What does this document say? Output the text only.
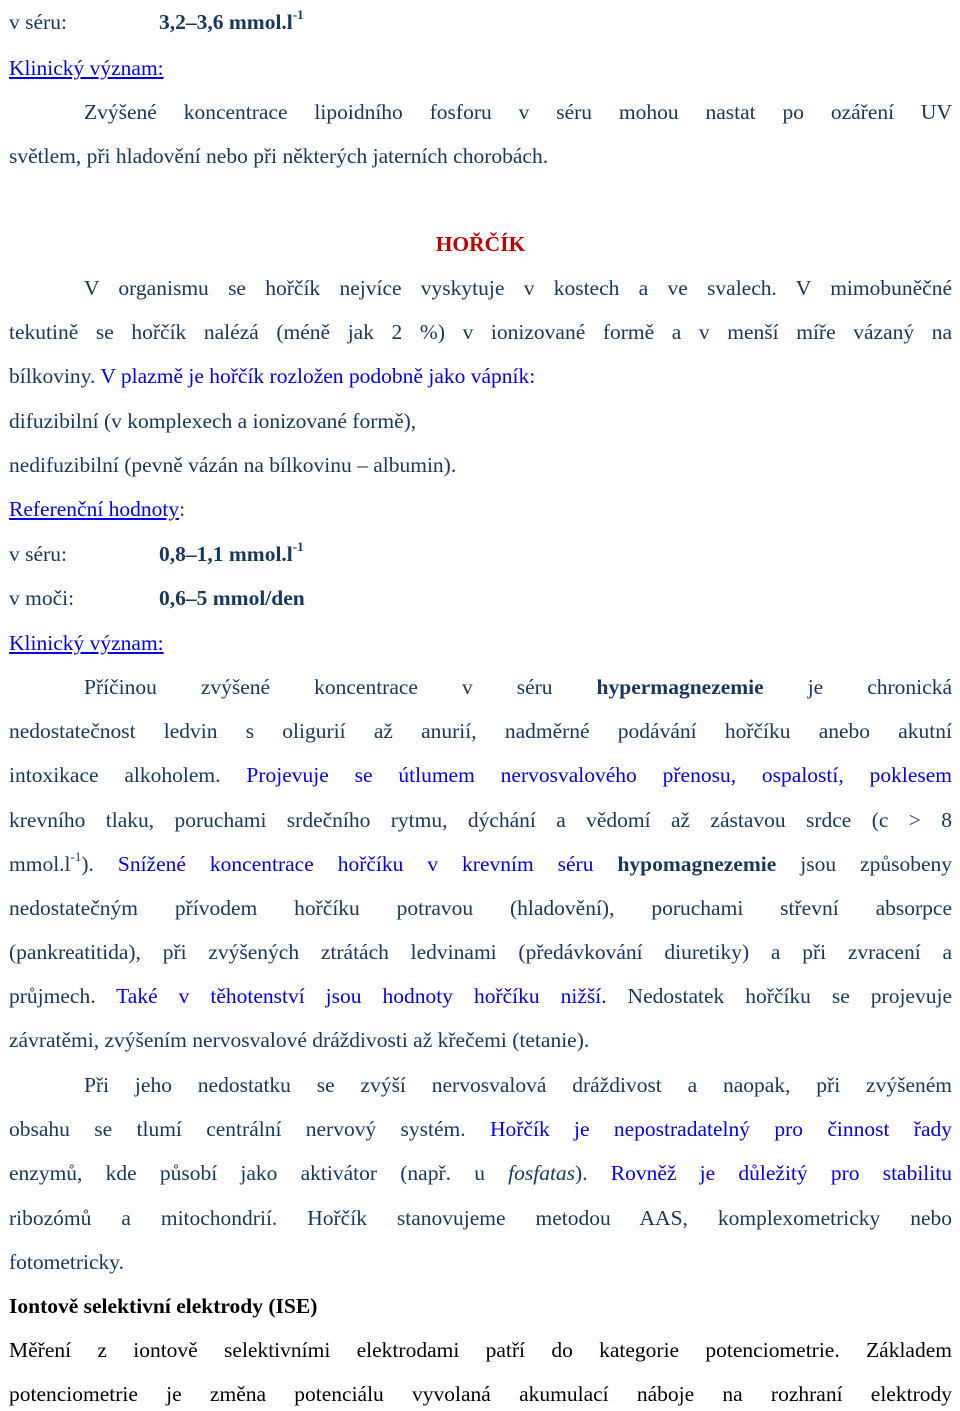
v séru:	3,2–3,6 $mmol.l^{-1}$
Klinický význam:
Zvýšené koncentrace lipoidního fosforu v séru mohou nastat po ozáření UV
světlem, při hladovění nebo při některých jaterních chorobách.
HOŘČÍK
V organismu se hořčík nejvíce vyskytuje v kostech a ve svalech. V mimobuněčné
tekutině se hořčík nalézá (méně jak 2 %) v ionizované formě a v menší míře vázaný na
bílkoviny. V plazmě je hořčík rozložen podobně jako vápník:
difuzibilní (v komplexech a ionizované formě),
nedifuzibilní (pevně vázán na bílkovinu – albumin).
Referenční hodnoty:
v séru:	0,8–1,1 $mmol.l^{-1}$
v moči:	0,6–5 mmol/den
Klinický význam:
Příčinou zvýšené koncentrace v séru hypermagnezemie je chronická
nedostatečnost ledvin s oligurií až anurií, nadměrné podávání hořčíku anebo akutní
intoxikace alkoholem. Projevuje se útlumem nervosvalového přenosu, ospalostí, poklesem
krevního tlaku, poruchami srdečního rytmu, dýchání a vědomí až zástavou srdce (c > 8
$mmol.l^{-1}$). Snížené koncentrace hořčíku v krevním séru hypomagnezemie jsou způsobeny
nedostatečným přívodem hořčíku potravou (hladovění), poruchami střevní absorpce
(pankreatitida), při zvýšených ztrátách ledvinami (předávkování diuretiky) a při zvracení a
průjmech. Také v těhotenství jsou hodnoty hořčíku nižší. Nedostatek hořčíku se projevuje
závratěmi, zvýšením nervosvalové dráždivosti až křečemi (tetanie).
Při jeho nedostatku se zvýší nervosvalová dráždivost a naopak, při zvýšeném
obsahu se tlumí centrální nervový systém. Hořčík je nepostradatelný pro činnost řady
enzymů, kde působí jako aktivátor (např. u fosfatas). Rovněž je důležitý pro stabilitu
ribozómů a mitochondrií. Hořčík stanovujeme metodou AAS, komplexometricky nebo
fotometricky.
Iontově selektivní elektrody (ISE)
Měření z iontově selektivními elektrodami patří do kategorie potenciometrie. Základem
potenciometrie je změna potenciálu vyvolaná akumulací náboje na rozhraní elektrody
